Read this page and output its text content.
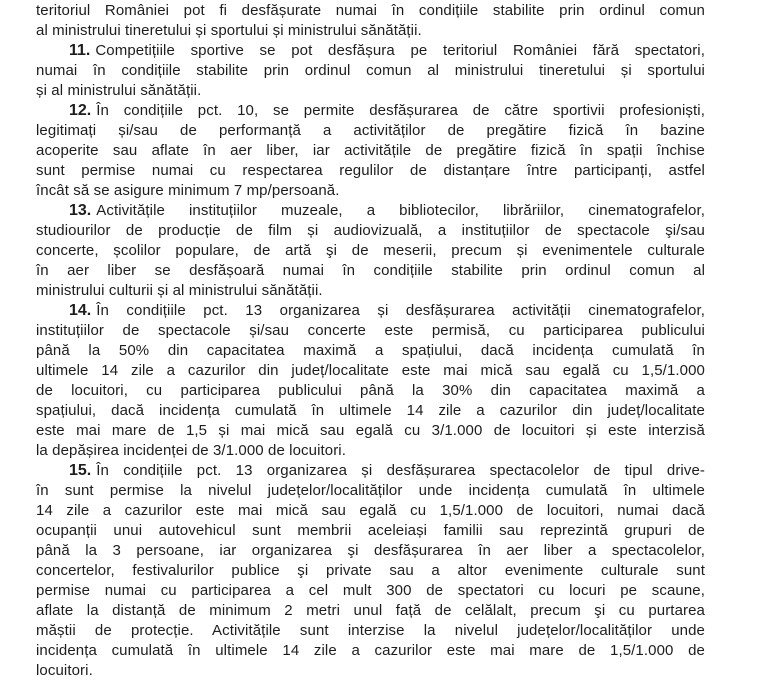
teritoriul României pot fi desfășurate numai în condițiile stabilite prin ordinul comun
al ministrului tineretului și sportului și ministrului sănătății.
11. Competițiile sportive se pot desfășura pe teritoriul României fără spectatori,
numai în condițiile stabilite prin ordinul comun al ministrului tineretului și sportului
și al ministrului sănătății.
12. În condițiile pct. 10, se permite desfășurarea de către sportivii profesioniști,
legitimați și/sau de performanță a activităților de pregătire fizică în bazine
acoperite sau aflate în aer liber, iar activitățile de pregătire fizică în spații închise
sunt permise numai cu respectarea regulilor de distanțare între participanți, astfel
încât să se asigure minimum 7 mp/persoană.
13. Activitățile instituțiilor muzeale, a bibliotecilor, librăriilor, cinematografelor,
studiourilor de producție de film și audiovizuală, a instituțiilor de spectacole şi/sau
concerte, școlilor populare, de artă şi de meserii, precum și evenimentele culturale
în aer liber se desfășoară numai în condițiile stabilite prin ordinul comun al
ministrului culturii și al ministrului sănătății.
14. În condițiile pct. 13 organizarea și desfășurarea activității cinematografelor,
instituțiilor de spectacole și/sau concerte este permisă, cu participarea publicului
până la 50% din capacitatea maximă a spațiului, dacă incidența cumulată în
ultimele 14 zile a cazurilor din județ/localitate este mai mică sau egală cu 1,5/1.000
de locuitori, cu participarea publicului până la 30% din capacitatea maximă a
spațiului, dacă incidența cumulată în ultimele 14 zile a cazurilor din județ/localitate
este mai mare de 1,5 și mai mică sau egală cu 3/1.000 de locuitori și este interzisă
la depășirea incidenței de 3/1.000 de locuitori.
15. În condițiile pct. 13 organizarea și desfășurarea spectacolelor de tipul drive-
în sunt permise la nivelul județelor/localităților unde incidența cumulată în ultimele
14 zile a cazurilor este mai mică sau egală cu 1,5/1.000 de locuitori, numai dacă
ocupanții unui autovehicul sunt membrii aceleiași familii sau reprezintă grupuri de
până la 3 persoane, iar organizarea şi desfășurarea în aer liber a spectacolelor,
concertelor, festivalurilor publice şi private sau a altor evenimente culturale sunt
permise numai cu participarea a cel mult 300 de spectatori cu locuri pe scaune,
aflate la distanță de minimum 2 metri unul față de celălalt, precum şi cu purtarea
măștii de protecție. Activitățile sunt interzise la nivelul județelor/localităților unde
incidența cumulată în ultimele 14 zile a cazurilor este mai mare de 1,5/1.000 de
locuitori.
